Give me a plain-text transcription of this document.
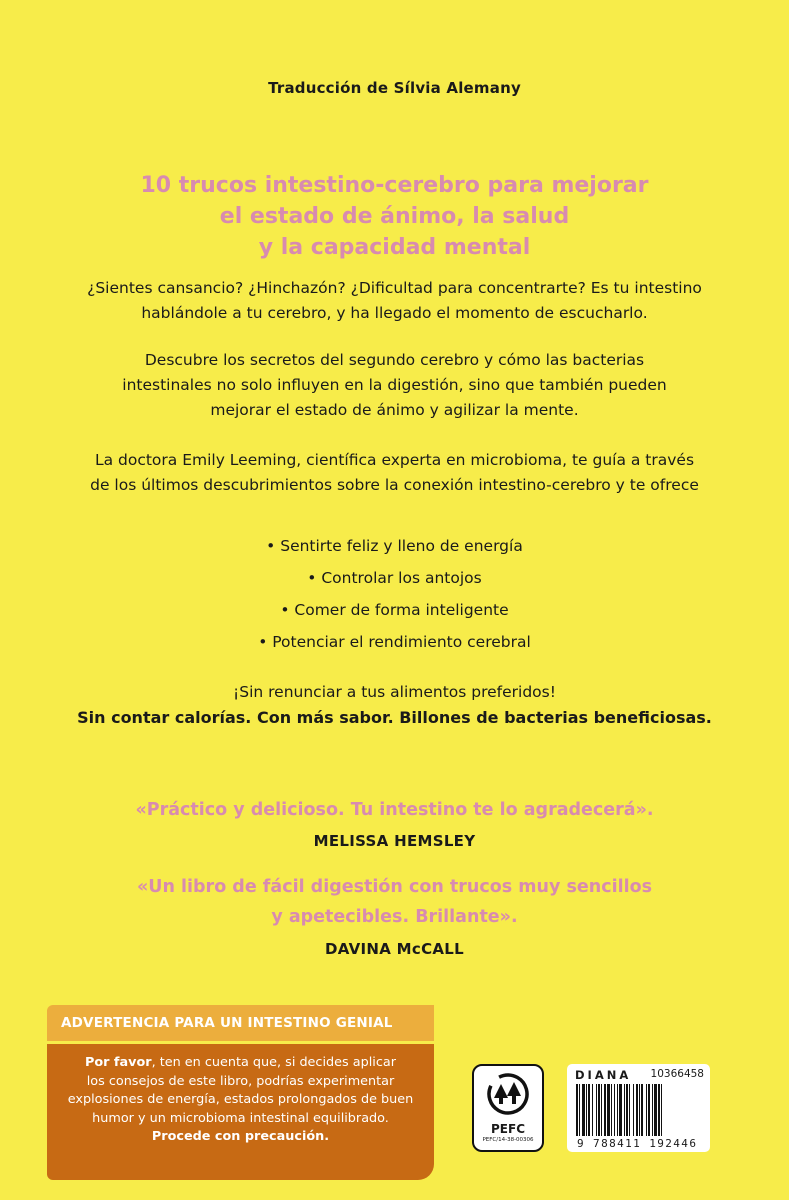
Traducción de Sílvia Alemany
10 trucos intestino-cerebro para mejorar
el estado de ánimo, la salud
y la capacidad mental
¿Sientes cansancio? ¿Hinchazón? ¿Dificultad para concentrarte? Es tu intestino
hablándole a tu cerebro, y ha llegado el momento de escucharlo.
Descubre los secretos del segundo cerebro y cómo las bacterias
intestinales no solo influyen en la digestión, sino que también pueden
mejorar el estado de ánimo y agilizar la mente.
La doctora Emily Leeming, científica experta en microbioma, te guía a través
de los últimos descubrimientos sobre la conexión intestino-cerebro y te ofrece
• Sentirte feliz y lleno de energía
• Controlar los antojos
• Comer de forma inteligente
• Potenciar el rendimiento cerebral
¡Sin renunciar a tus alimentos preferidos!
Sin contar calorías. Con más sabor. Billones de bacterias beneficiosas.
«Práctico y delicioso. Tu intestino te lo agradecerá».
MELISSA HEMSLEY
«Un libro de fácil digestión con trucos muy sencillos
y apetecibles. Brillante».
DAVINA McCALL
ADVERTENCIA PARA UN INTESTINO GENIAL
Por favor, ten en cuenta que, si decides aplicar
los consejos de este libro, podrías experimentar
explosiones de energía, estados prolongados de buen
humor y un microbioma intestinal equilibrado.
Procede con precaución.	PEFC
PEFC/14-38-00306
DIANA 10366458
9 788411 192446
